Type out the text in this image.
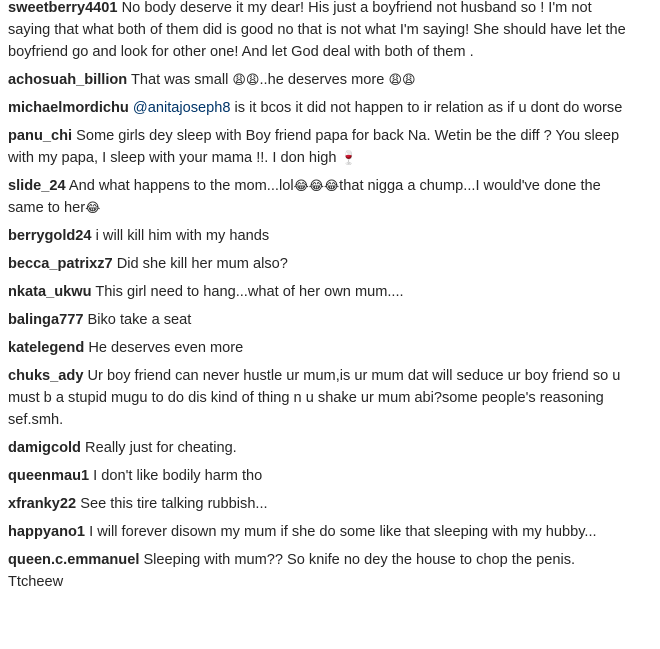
sweetberry4401 No body deserve it my dear! His just a boyfriend not husband so ! I'm not saying that what both of them did is good no that is not what I'm saying! She should have let the boyfriend go and look for other one! And let God deal with both of them .
achosuah_billion That was small 😩😩..he deserves more 😩😩
michaelmordichu @anitajoseph8 is it bcos it did not happen to ir relation as if u dont do worse
panu_chi Some girls dey sleep with Boy friend papa for back Na. Wetin be the diff ? You sleep with my papa, I sleep with your mama !!. I don high 🍷
slide_24 And what happens to the mom...lol😂😂😂that nigga a chump...I would've done the same to her😂
berrygold24 i will kill him with my hands
becca_patrixz7 Did she kill her mum also?
nkata_ukwu This girl need to hang...what of her own mum....
balinga777 Biko take a seat
katelegend He deserves even more
chuks_ady Ur boy friend can never hustle ur mum,is ur mum dat will seduce ur boy friend so u must b a stupid mugu to do dis kind of thing n u shake ur mum abi?some people's reasoning sef.smh.
damigcold Really just for cheating.
queenmau1 I don't like bodily harm tho
xfranky22 See this tire talking rubbish...
happyano1 I will forever disown my mum if she do some like that sleeping with my hubby...
queen.c.emmanuel Sleeping with mum?? So knife no dey the house to chop the penis. Ttcheew
